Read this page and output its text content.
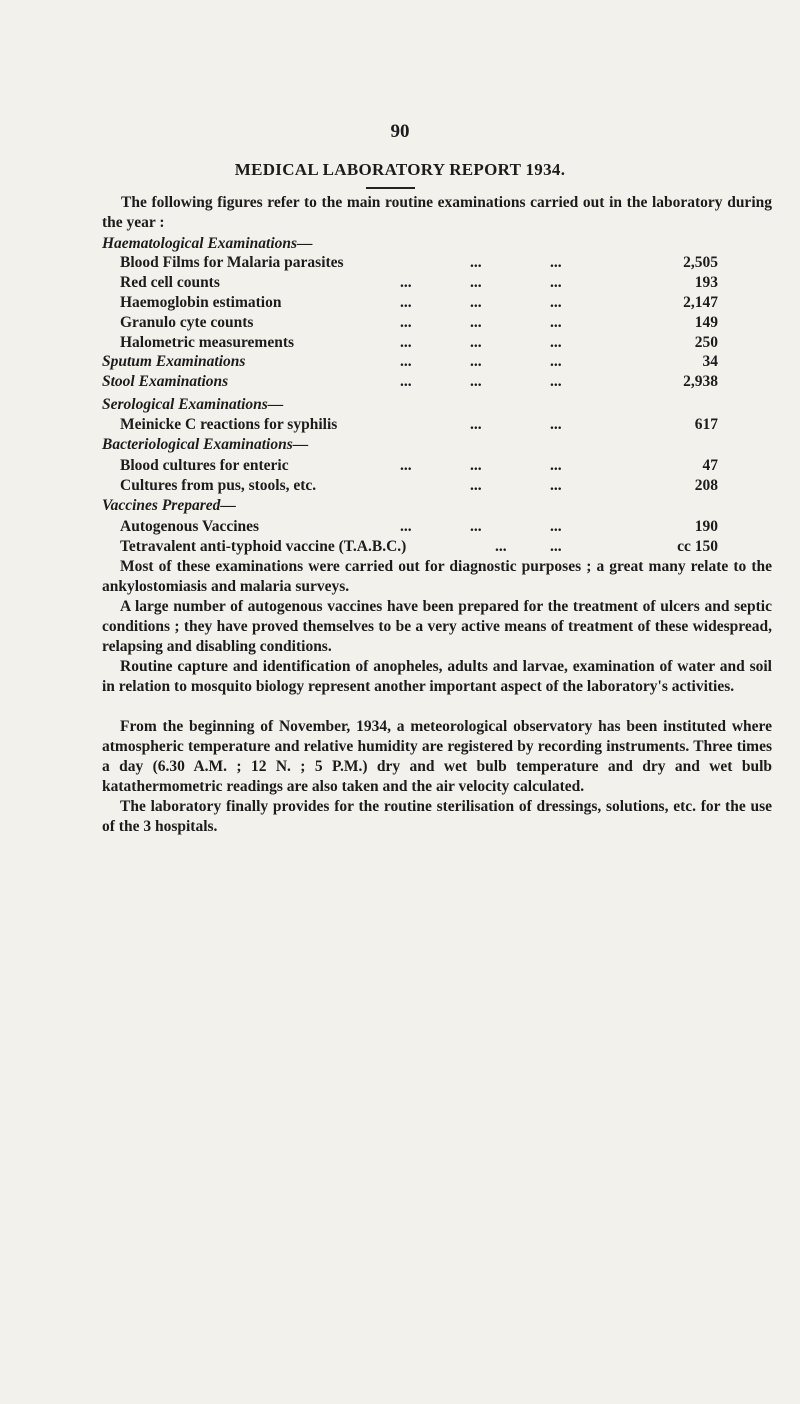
90
MEDICAL LABORATORY REPORT 1934.
The following figures refer to the main routine examinations carried out in the laboratory during the year :
Haematological Examinations—
Blood Films for Malaria parasites	...	...	2,505
Red cell counts	...	...	...	193
Haemoglobin estimation	...	...	...	2,147
Granulo cyte counts	...	...	...	149
Halometric measurements	...	...	...	250
Sputum Examinations	...	...	...	34
Stool Examinations	...	...	...	2,938
Serological Examinations—
Meinicke C reactions for syphilis	...	...	617
Bacteriological Examinations—
Blood cultures for enteric	...	...	...	47
Cultures from pus, stools, etc.	...	...	208
Vaccines Prepared—
Autogenous Vaccines	...	...	...	190
Tetravalent anti-typhoid vaccine (T.A.B.C.)	...	...	cc 150
Most of these examinations were carried out for diagnostic purposes ; a great many relate to the ankylostomiasis and malaria surveys.
A large number of autogenous vaccines have been prepared for the treatment of ulcers and septic conditions ; they have proved themselves to be a very active means of treatment of these widespread, relapsing and disabling conditions.
Routine capture and identification of anopheles, adults and larvae, examination of water and soil in relation to mosquito biology represent another important aspect of the laboratory's activities.
From the beginning of November, 1934, a meteorological observatory has been instituted where atmospheric temperature and relative humidity are registered by recording instruments. Three times a day (6.30 A.M. ; 12 N. ; 5 P.M.) dry and wet bulb temperature and dry and wet bulb katathermometric readings are also taken and the air velocity calculated.
The laboratory finally provides for the routine sterilisation of dressings, solutions, etc. for the use of the 3 hospitals.
